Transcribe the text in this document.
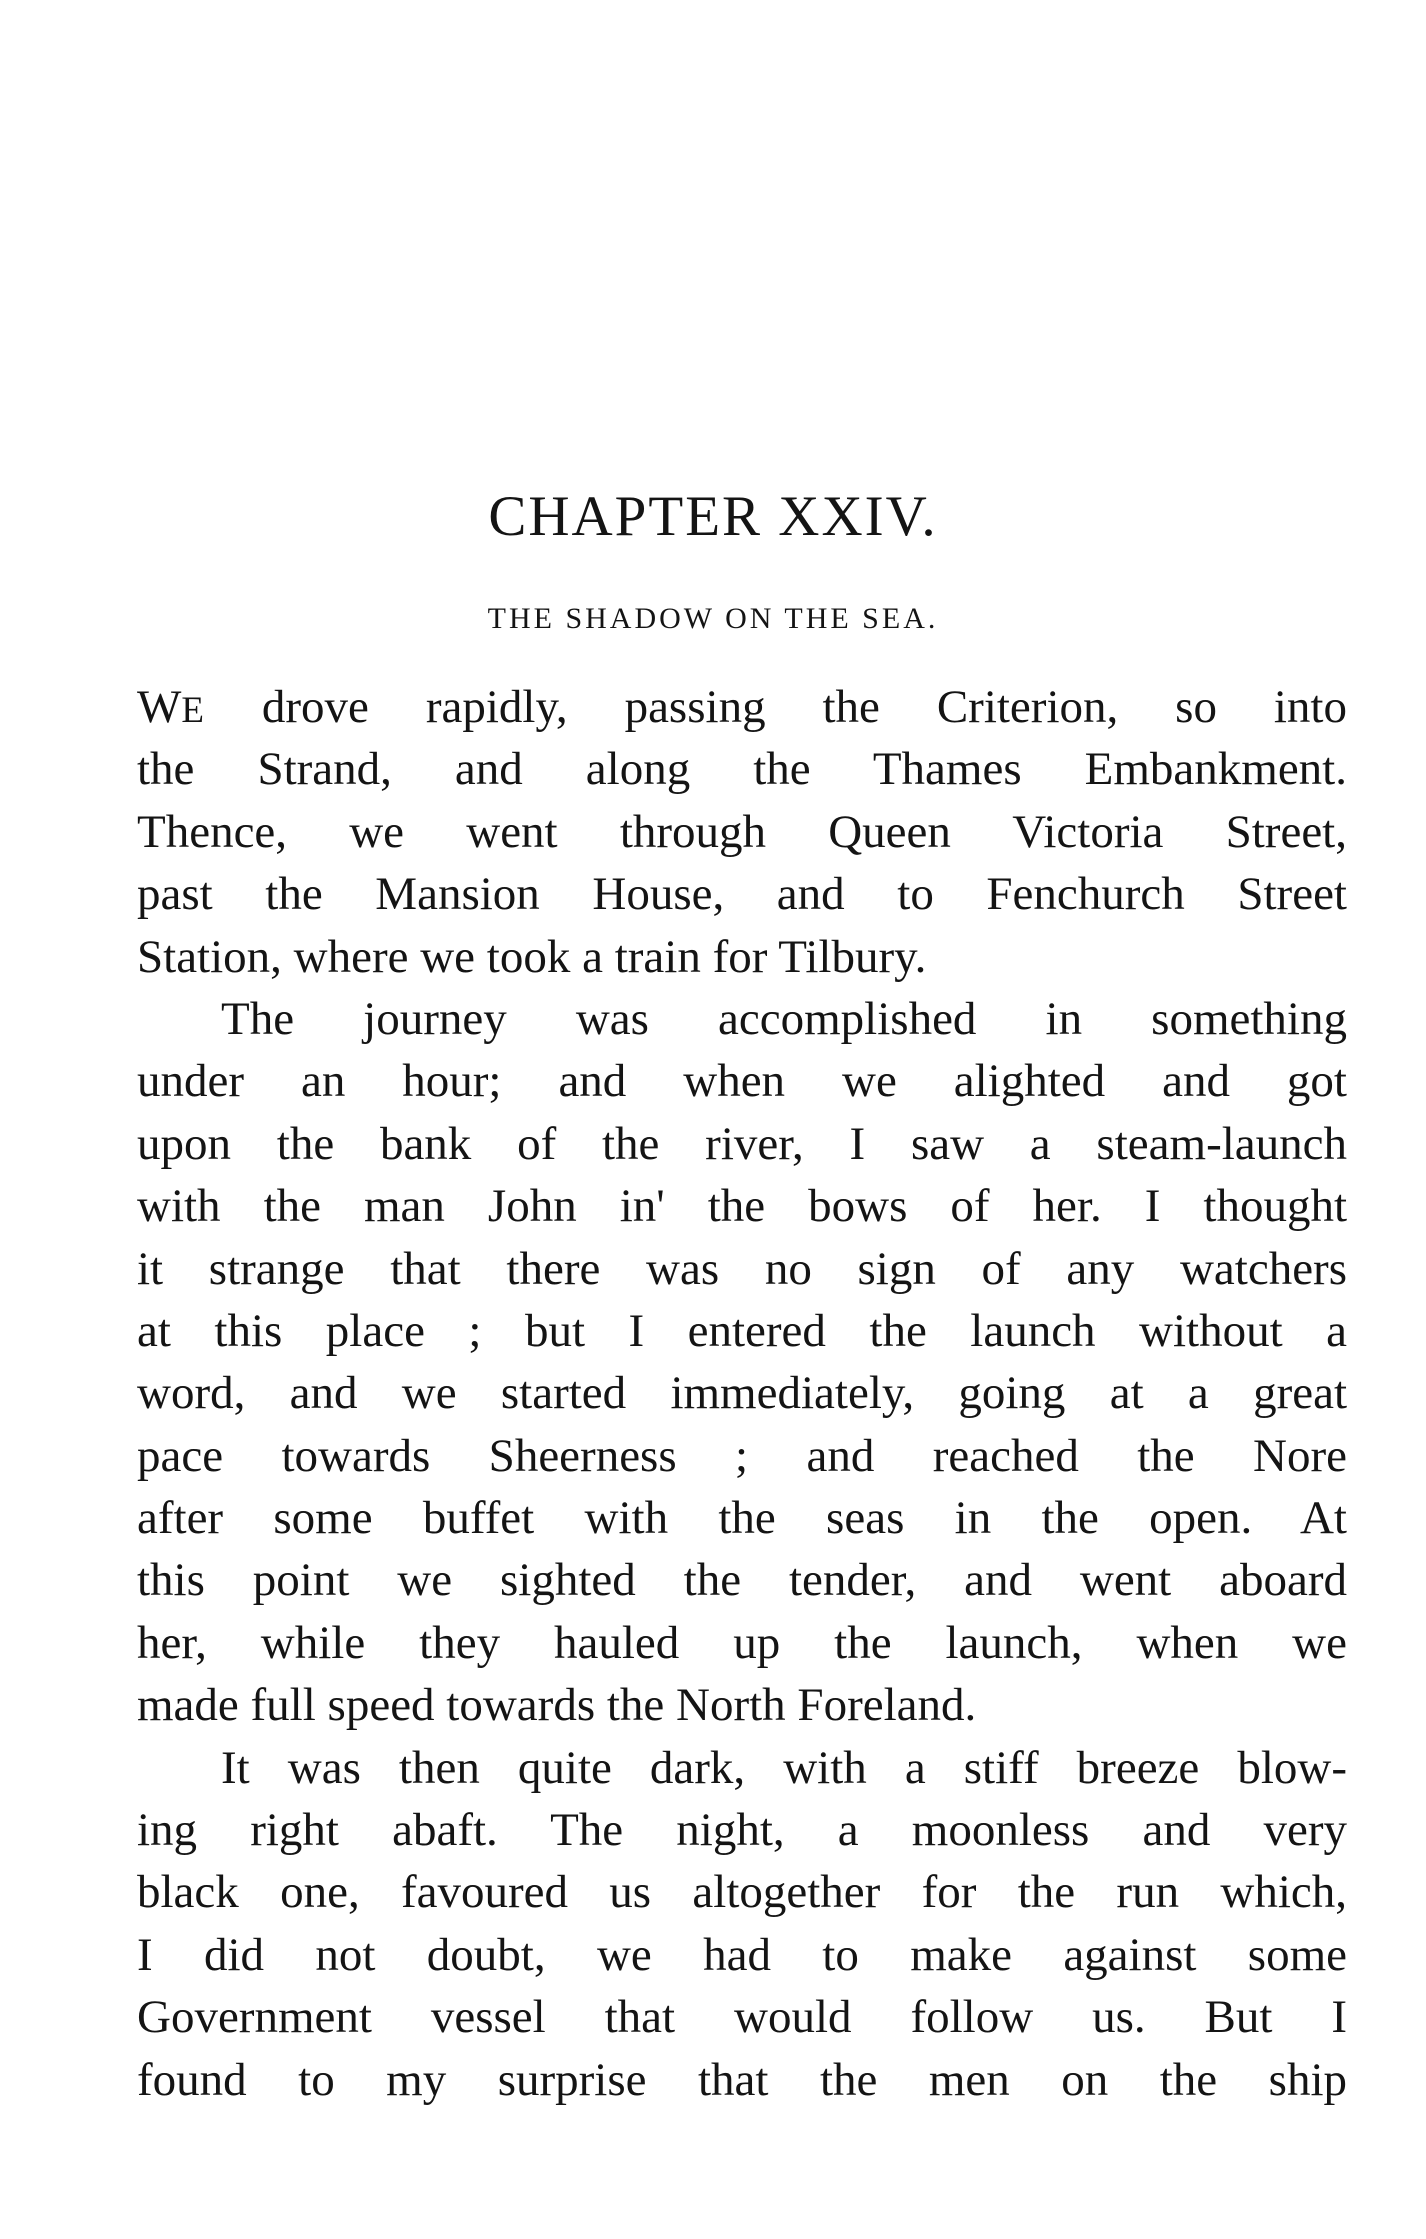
CHAPTER XXIV.
THE SHADOW ON THE SEA.
WE drove rapidly, passing the Criterion, so into
the Strand, and along the Thames Embankment.
Thence, we went through Queen Victoria Street,
past the Mansion House, and to Fenchurch Street
Station, where we took a train for Tilbury.
The journey was accomplished in something
under an hour; and when we alighted and got
upon the bank of the river, I saw a steam-launch
with the man John in' the bows of her. I thought
it strange that there was no sign of any watchers
at this place ; but I entered the launch without a
word, and we started immediately, going at a great
pace towards Sheerness ; and reached the Nore
after some buffet with the seas in the open. At
this point we sighted the tender, and went aboard
her, while they hauled up the launch, when we
made full speed towards the North Foreland.
It was then quite dark, with a stiff breeze blow-
ing right abaft. The night, a moonless and very
black one, favoured us altogether for the run which,
I did not doubt, we had to make against some
Government vessel that would follow us. But I
found to my surprise that the men on the ship
